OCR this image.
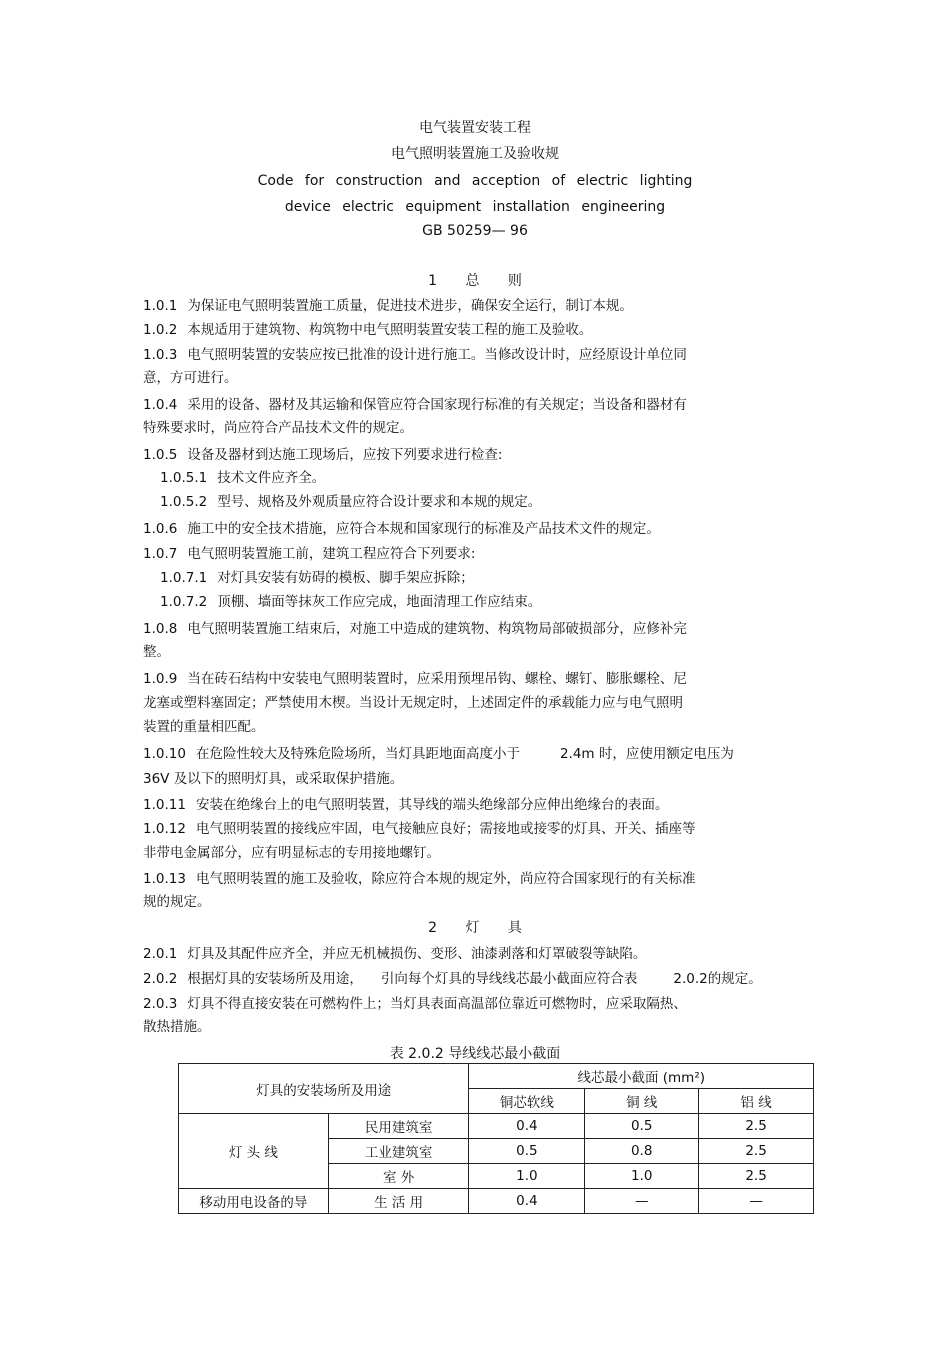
电气装置安装工程
电气照明装置施工及验收规
Code for construction and acception of electric lighting
device electric equipment installation engineering
GB 50259— 96
1 总 则
1.0.1 为保证电气照明装置施工质量，促进技术进步，确保安全运行，制订本规。
1.0.2 本规适用于建筑物、构筑物中电气照明装置安装工程的施工及验收。
1.0.3 电气照明装置的安装应按已批准的设计进行施工。当修改设计时，应经原设计单位同
意，方可进行。
1.0.4 采用的设备、器材及其运输和保管应符合国家现行标准的有关规定；当设备和器材有
特殊要求时，尚应符合产品技术文件的规定。
1.0.5 设备及器材到达施工现场后，应按下列要求进行检查:
1.0.5.1 技术文件应齐全。
1.0.5.2 型号、规格及外观质量应符合设计要求和本规的规定。
1.0.6 施工中的安全技术措施，应符合本规和国家现行的标准及产品技术文件的规定。
1.0.7 电气照明装置施工前，建筑工程应符合下列要求:
1.0.7.1 对灯具安装有妨碍的模板、脚手架应拆除；
1.0.7.2 顶棚、墙面等抹灰工作应完成，地面清理工作应结束。
1.0.8 电气照明装置施工结束后，对施工中造成的建筑物、构筑物局部破损部分，应修补完
整。
1.0.9 当在砖石结构中安装电气照明装置时，应采用预埋吊钩、螺栓、螺钉、膨胀螺栓、尼
龙塞或塑料塞固定；严禁使用木楔。当设计无规定时，上述固定件的承载能力应与电气照明
装置的重量相匹配。
1.0.10 在危险性较大及特殊危险场所，当灯具距地面高度小于	2.4m 时，应使用额定电压为
36V 及以下的照明灯具，或采取保护措施。
1.0.11 安装在绝缘台上的电气照明装置，其导线的端头绝缘部分应伸出绝缘台的表面。
1.0.12 电气照明装置的接线应牢固，电气接触应良好；需接地或接零的灯具、开关、插座等
非带电金属部分，应有明显标志的专用接地螺钉。
1.0.13 电气照明装置的施工及验收，除应符合本规的规定外，尚应符合国家现行的有关标准
规的规定。
2 灯 具
2.0.1 灯具及其配件应齐全，并应无机械损伤、变形、油漆剥落和灯罩破裂等缺陷。
2.0.2 根据灯具的安装场所及用途， 引向每个灯具的导线线芯最小截面应符合表	2.0.2的规定。
2.0.3 灯具不得直接安装在可燃构件上；当灯具表面高温部位靠近可燃物时，应采取隔热、
散热措施。
表 2.0.2 导线线芯最小截面
灯具的安装场所及用途		线芯最小截面 (mm²)		
		铜芯软线	铜 线	铝 线
灯 头 线	民用建筑室	0.4	0.5	2.5
	工业建筑室	0.5	0.8	2.5
	室 外	1.0	1.0	2.5
移动用电设备的导	生 活 用	0.4	—	—
